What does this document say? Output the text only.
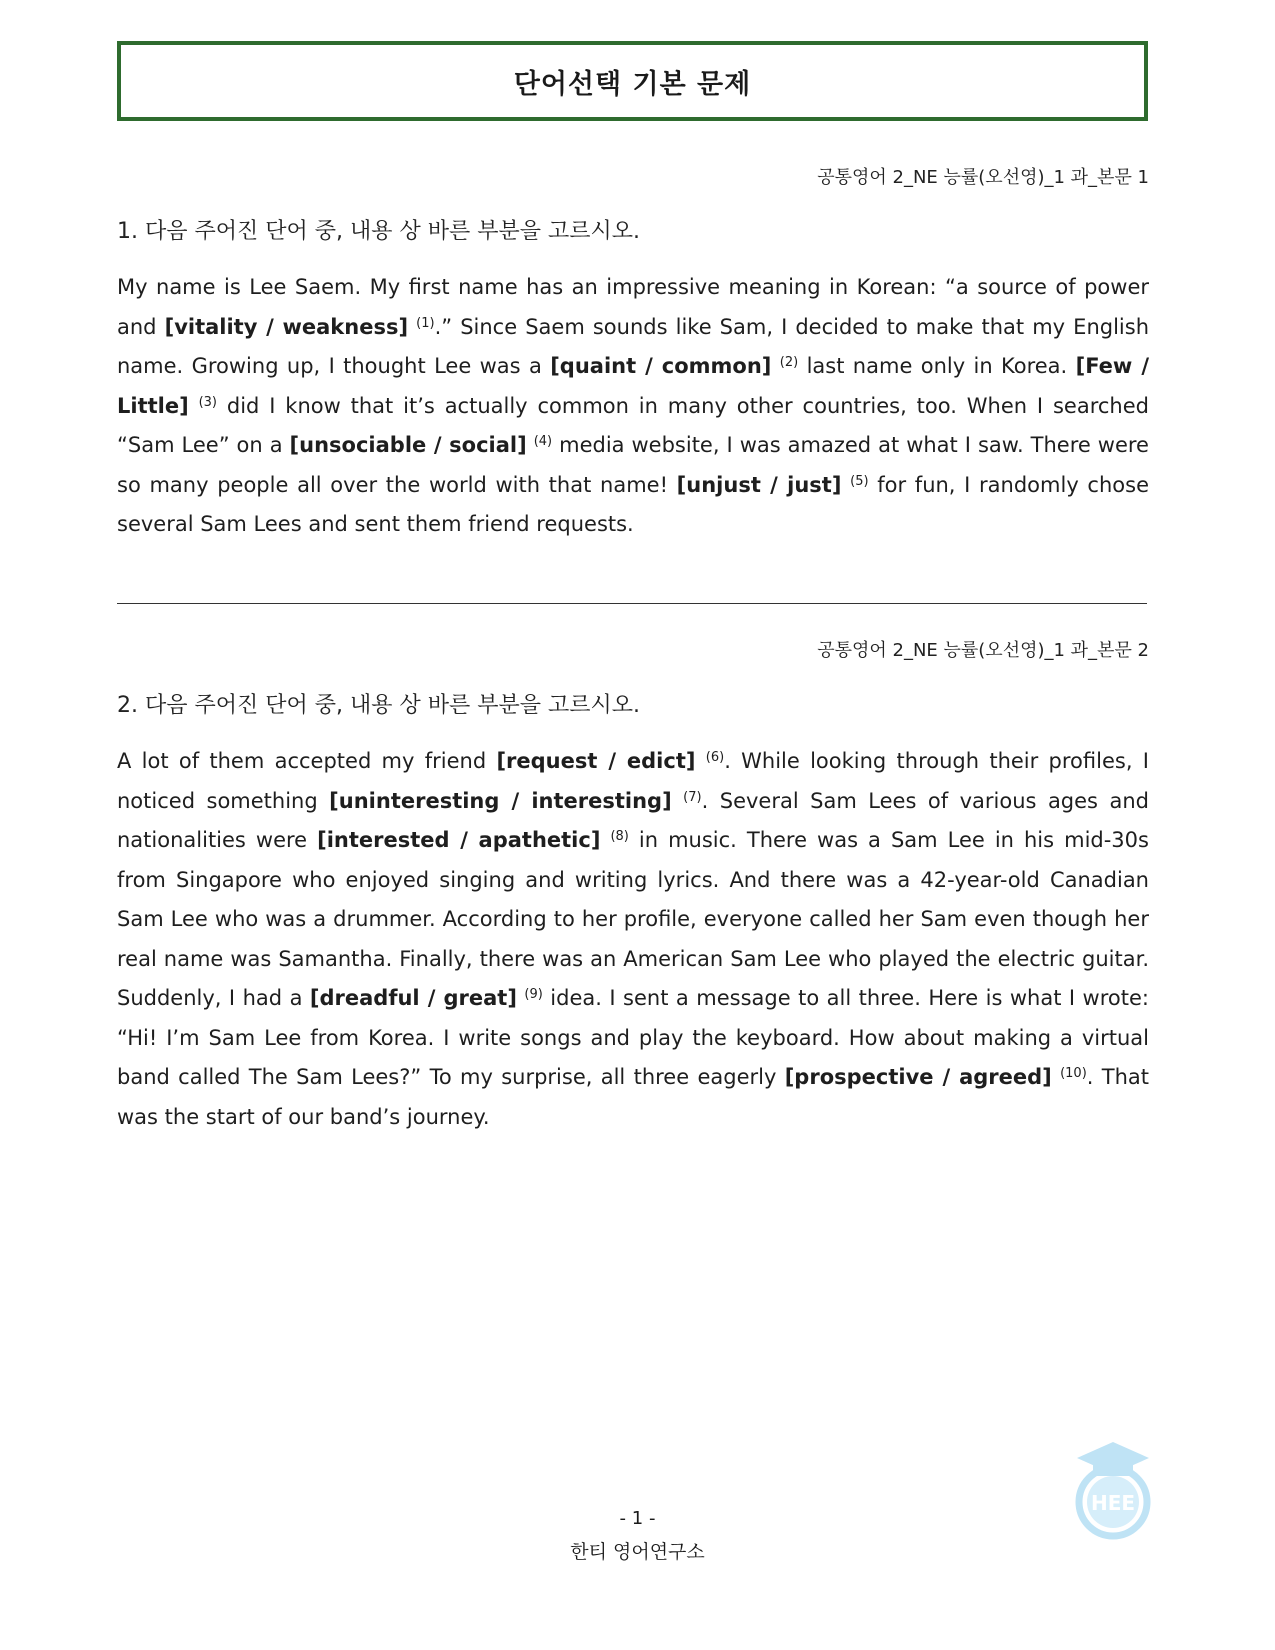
단어선택 기본 문제
공통영어 2_NE 능률(오선영)_1 과_본문 1
1. 다음 주어진 단어 중, 내용 상 바른 부분을 고르시오.

My name is Lee Saem. My first name has an impressive meaning in Korean: “a source of power and [vitality / weakness] $^{(1)}$.” Since Saem sounds like Sam, I decided to make that my English name. Growing up, I thought Lee was a [quaint / common] $^{(2)}$ last name only in Korea. [Few / Little] $^{(3)}$ did I know that it’s actually common in many other countries, too. When I searched “Sam Lee” on a [unsociable / social] $^{(4)}$ media website, I was amazed at what I saw. There were so many people all over the world with that name! [unjust / just] $^{(5)}$ for fun, I randomly chose several Sam Lees and sent them friend requests.

공통영어 2_NE 능률(오선영)_1 과_본문 2
2. 다음 주어진 단어 중, 내용 상 바른 부분을 고르시오.

A lot of them accepted my friend [request / edict] $^{(6)}$. While looking through their profiles, I noticed something [uninteresting / interesting] $^{(7)}$. Several Sam Lees of various ages and nationalities were [interested / apathetic] $^{(8)}$ in music. There was a Sam Lee in his mid-30s from Singapore who enjoyed singing and writing lyrics. And there was a 42-year-old Canadian Sam Lee who was a drummer. According to her profile, everyone called her Sam even though her real name was Samantha. Finally, there was an American Sam Lee who played the electric guitar. Suddenly, I had a [dreadful / great] $^{(9)}$ idea. I sent a message to all three. Here is what I wrote: “Hi! I’m Sam Lee from Korea. I write songs and play the keyboard. How about making a virtual band called The Sam Lees?” To my surprise, all three eagerly [prospective / agreed] $^{(10)}$. That was the start of our band’s journey.

HEE
- 1 -
한티 영어연구소
